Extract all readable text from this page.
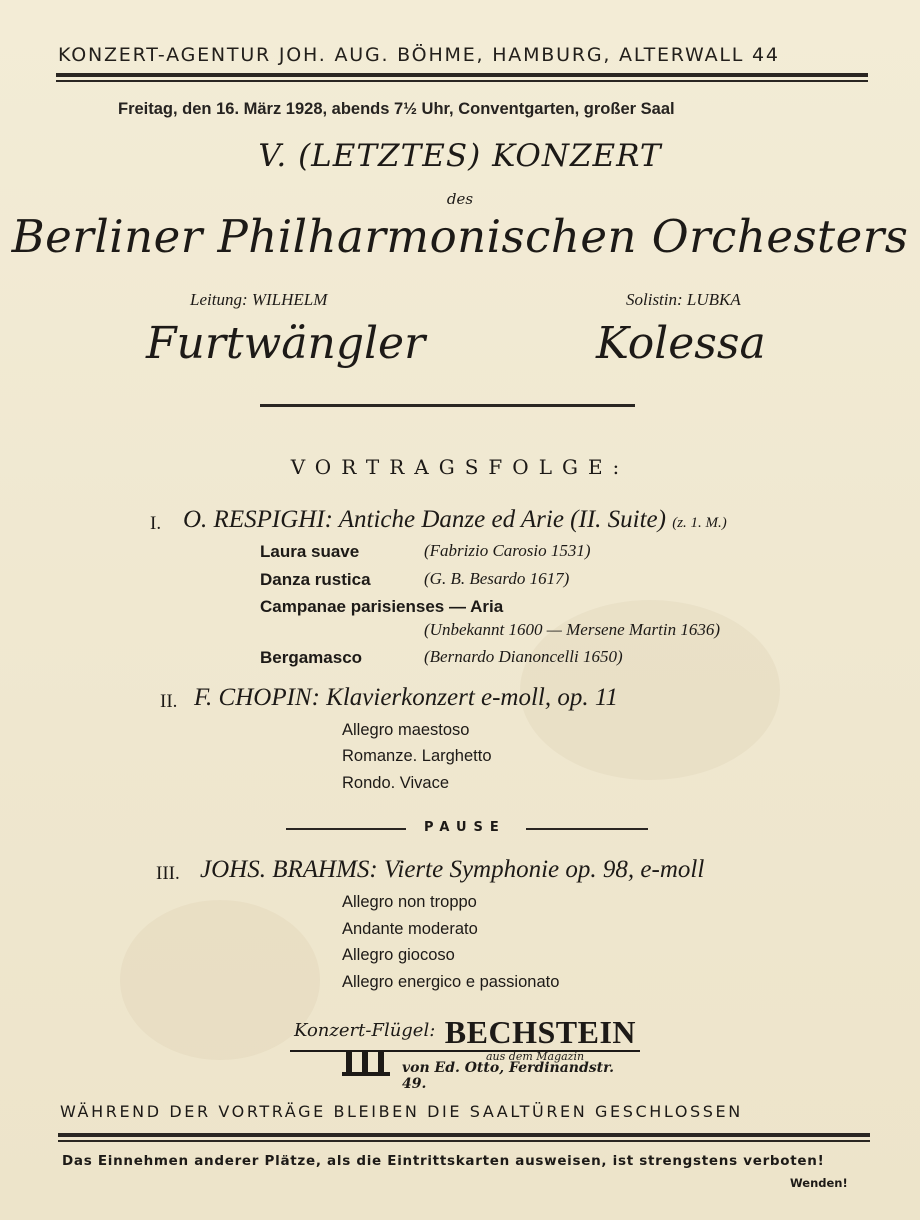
KONZERT-AGENTUR JOH. AUG. BÖHME, HAMBURG, ALTERWALL 44
Freitag, den 16. März 1928, abends 7½ Uhr, Conventgarten, großer Saal
V. (LETZTES) KONZERT
des
Berliner Philharmonischen Orchesters
Leitung: WILHELM
Furtwängler
Solistin: LUBKA
Kolessa
VORTRAGSFOLGE:
I. O. RESPIGHI: Antiche Danze ed Arie (II. Suite) (z. 1. M.)
Laura suave	(Fabrizio Carosio 1531)
Danza rustica	(G. B. Besardo 1617)
Campanae parisienses — Aria
(Unbekannt 1600 — Mersene Martin 1636)
Bergamasco	(Bernardo Dianoncelli 1650)
II. F. CHOPIN: Klavierkonzert e-moll, op. 11
Allegro maestoso
Romanze. Larghetto
Rondo. Vivace
PAUSE
III. JOHS. BRAHMS: Vierte Symphonie op. 98, e-moll
Allegro non troppo
Andante moderato
Allegro giocoso
Allegro energico e passionato
Konzert-Flügel: BECHSTEIN
aus dem Magazin
von Ed. Otto, Ferdinandstr. 49.
WÄHREND DER VORTRÄGE BLEIBEN DIE SAALTÜREN GESCHLOSSEN
Das Einnehmen anderer Plätze, als die Eintrittskarten ausweisen, ist strengstens verboten!
Wenden!
